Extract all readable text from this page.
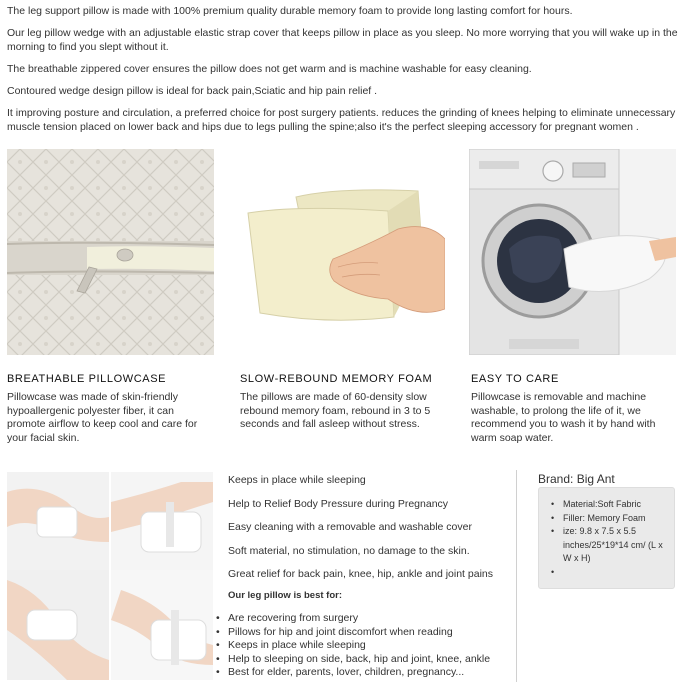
The leg support pillow is made with 100% premium quality durable memory foam to provide long lasting comfort for hours.

Our leg pillow wedge with an adjustable elastic strap cover that keeps pillow in place as you sleep. No more worrying that you will wake up in the morning to find you slept without it.

The breathable zippered cover ensures the pillow does not get warm and is machine washable for easy cleaning.

Contoured wedge design pillow is ideal for back pain,Sciatic and hip pain relief .

It improving posture and circulation, a preferred choice for post surgery patients. reduces the grinding of knees helping to eliminate unnecessary muscle tension placed on lower back and hips due to legs pulling the spine;also it's the perfect sleeping accessory for pregnant women .

BREATHABLE PILLOWCASE	SLOW-REBOUND MEMORY FOAM	EASY TO CARE
Pillowcase was made of skin-friendly hypoallergenic polyester fiber, it can promote airflow to keep cool and care for your facial skin.
The pillows are made of 60-density slow rebound memory foam, rebound in 3 to 5 seconds and fall asleep without stress.
Pillowcase is removable and machine washable, to prolong the life of it, we recommend you to wash it by hand with warm soap water.
Keeps in place while sleeping
Help to Relief Body Pressure during Pregnancy
Easy cleaning with a removable and washable cover
Soft material, no stimulation, no damage to the skin.
Great relief for back pain, knee, hip, ankle and joint pains
Our leg pillow is best for:
• Are recovering from surgery
• Pillows for hip and joint discomfort when reading
• Keeps in place while sleeping
• Help to sleeping on side, back, hip and joint, knee, ankle
• Best for elder, parents, lover, children, pregnancy...
Brand: Big Ant
• Material:Soft Fabric
• Filler: Memory Foam
• ize: 9.8 x 7.5 x 5.5 inches/25*19*14 cm/ (L x W x H)
